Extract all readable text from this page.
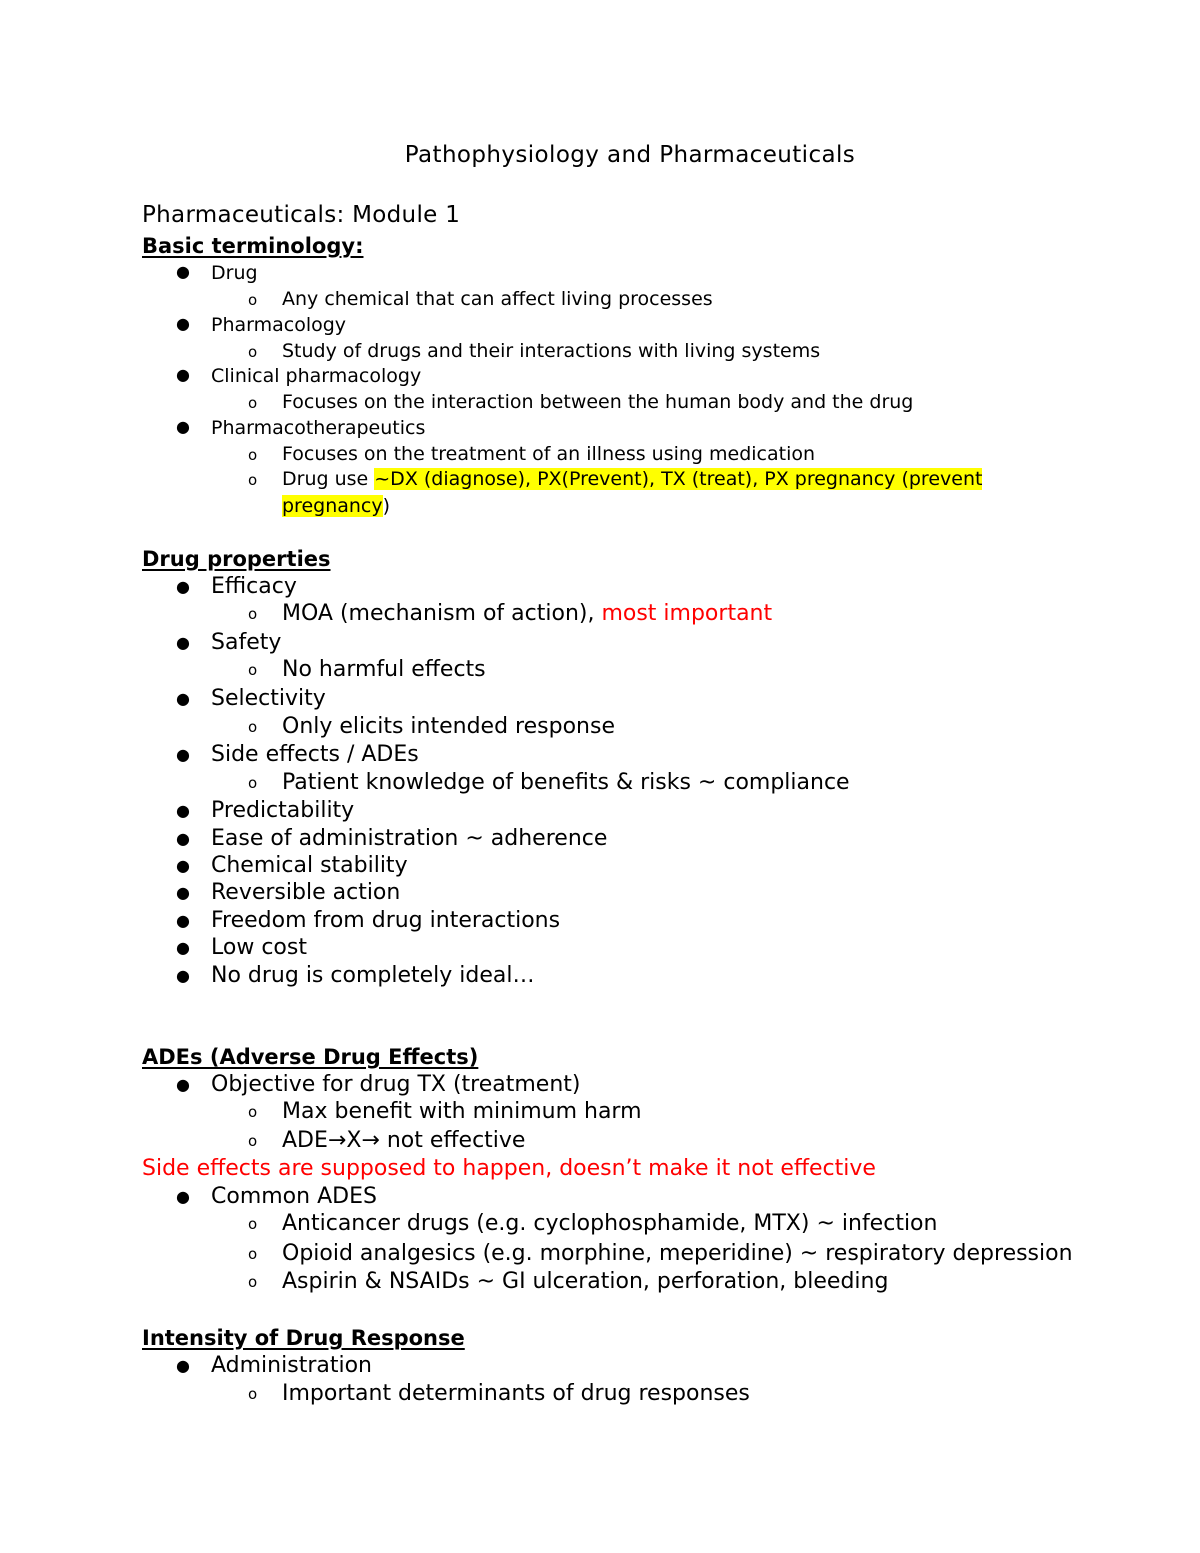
Pathophysiology and Pharmaceuticals
Pharmaceuticals: Module 1
Basic terminology:
● Drug
o Any chemical that can affect living processes
● Pharmacology
o Study of drugs and their interactions with living systems
● Clinical pharmacology
o Focuses on the interaction between the human body and the drug
● Pharmacotherapeutics
o Focuses on the treatment of an illness using medication
o Drug use ~DX (diagnose), PX(Prevent), TX (treat), PX pregnancy (prevent
pregnancy)
Drug properties
● Efficacy
o MOA (mechanism of action), most important
● Safety
o No harmful effects
● Selectivity
o Only elicits intended response
● Side effects / ADEs
o Patient knowledge of benefits & risks ~ compliance
● Predictability
● Ease of administration ~ adherence
● Chemical stability
● Reversible action
● Freedom from drug interactions
● Low cost
● No drug is completely ideal…
ADEs (Adverse Drug Effects)
● Objective for drug TX (treatment)
o Max benefit with minimum harm
o ADE→X→ not effective
Side effects are supposed to happen, doesn’t make it not effective
● Common ADES
o Anticancer drugs (e.g. cyclophosphamide, MTX) ~ infection
o Opioid analgesics (e.g. morphine, meperidine) ~ respiratory depression
o Aspirin & NSAIDs ~ GI ulceration, perforation, bleeding
Intensity of Drug Response
● Administration
o Important determinants of drug responses
